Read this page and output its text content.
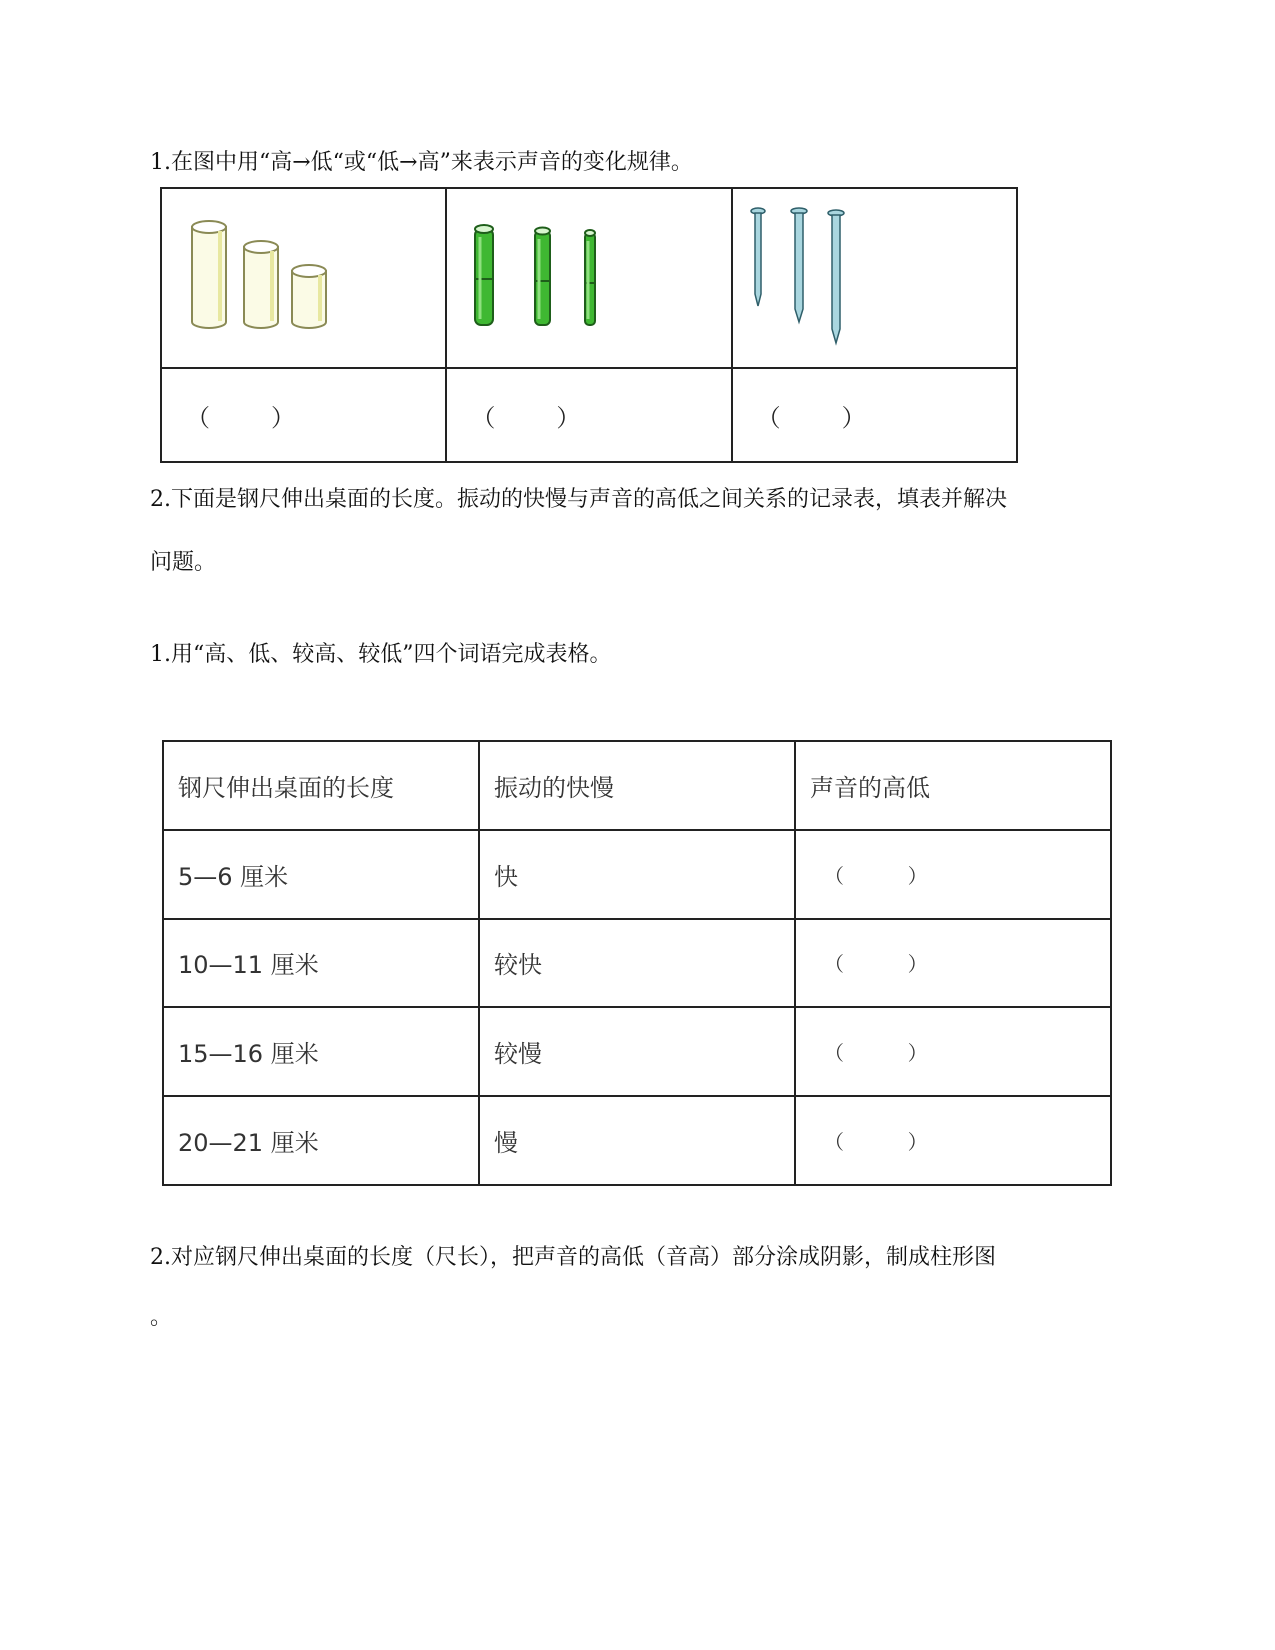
1.在图中用“高→低“或“低→高”来表示声音的变化规律。

（        ）	（        ）	（        ）

2.下面是钢尺伸出桌面的长度。振动的快慢与声音的高低之间关系的记录表，填表并解决

问题。

1.用“高、低、较高、较低”四个词语完成表格。

钢尺伸出桌面的长度	振动的快慢	声音的高低
5—6 厘米	快	（          ）
10—11 厘米	较快	（          ）
15—16 厘米	较慢	（          ）
20—21 厘米	慢	（          ）

2.对应钢尺伸出桌面的长度（尺长），把声音的高低（音高）部分涂成阴影，制成柱形图

。
